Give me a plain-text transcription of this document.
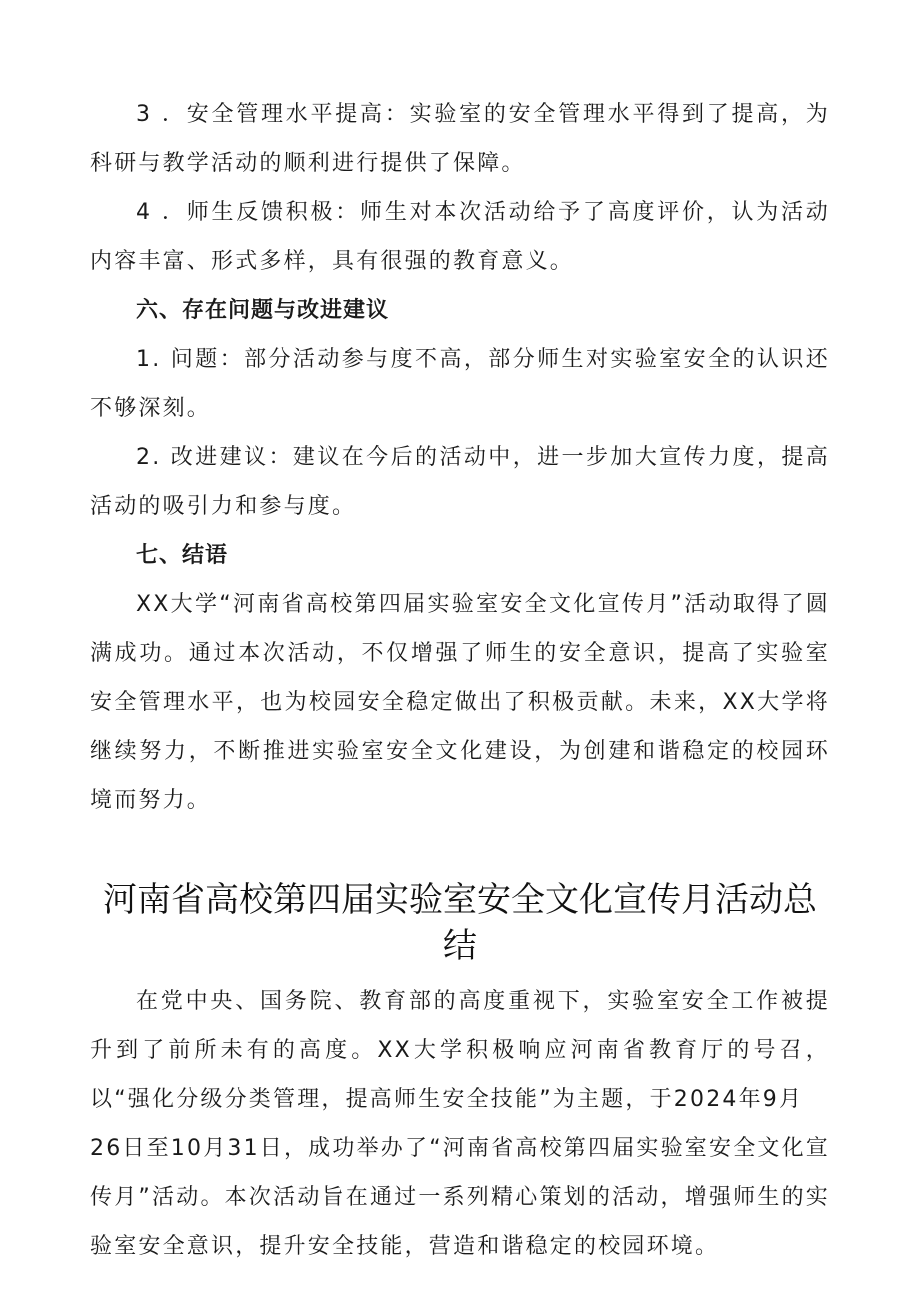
3 ．安全管理水平提高：实验室的安全管理水平得到了提高，为科研与教学活动的顺利进行提供了保障。

4 ．师生反馈积极：师生对本次活动给予了高度评价，认为活动内容丰富、形式多样，具有很强的教育意义。

六、存在问题与改进建议

1. 问题：部分活动参与度不高，部分师生对实验室安全的认识还不够深刻。

2. 改进建议：建议在今后的活动中，进一步加大宣传力度，提高活动的吸引力和参与度。

七、结语

XX大学“河南省高校第四届实验室安全文化宣传月”活动取得了圆满成功。通过本次活动，不仅增强了师生的安全意识，提高了实验室安全管理水平，也为校园安全稳定做出了积极贡献。未来，XX大学将继续努力，不断推进实验室安全文化建设，为创建和谐稳定的校园环境而努力。

河南省高校第四届实验室安全文化宣传月活动总
结

在党中央、国务院、教育部的高度重视下，实验室安全工作被提升到了前所未有的高度。XX大学积极响应河南省教育厅的号召，以“强化分级分类管理，提高师生安全技能”为主题，于2024年9月

26日至10月31日，成功举办了“河南省高校第四届实验室安全文化宣传月”活动。本次活动旨在通过一系列精心策划的活动，增强师生的实验室安全意识，提升安全技能，营造和谐稳定的校园环境。
